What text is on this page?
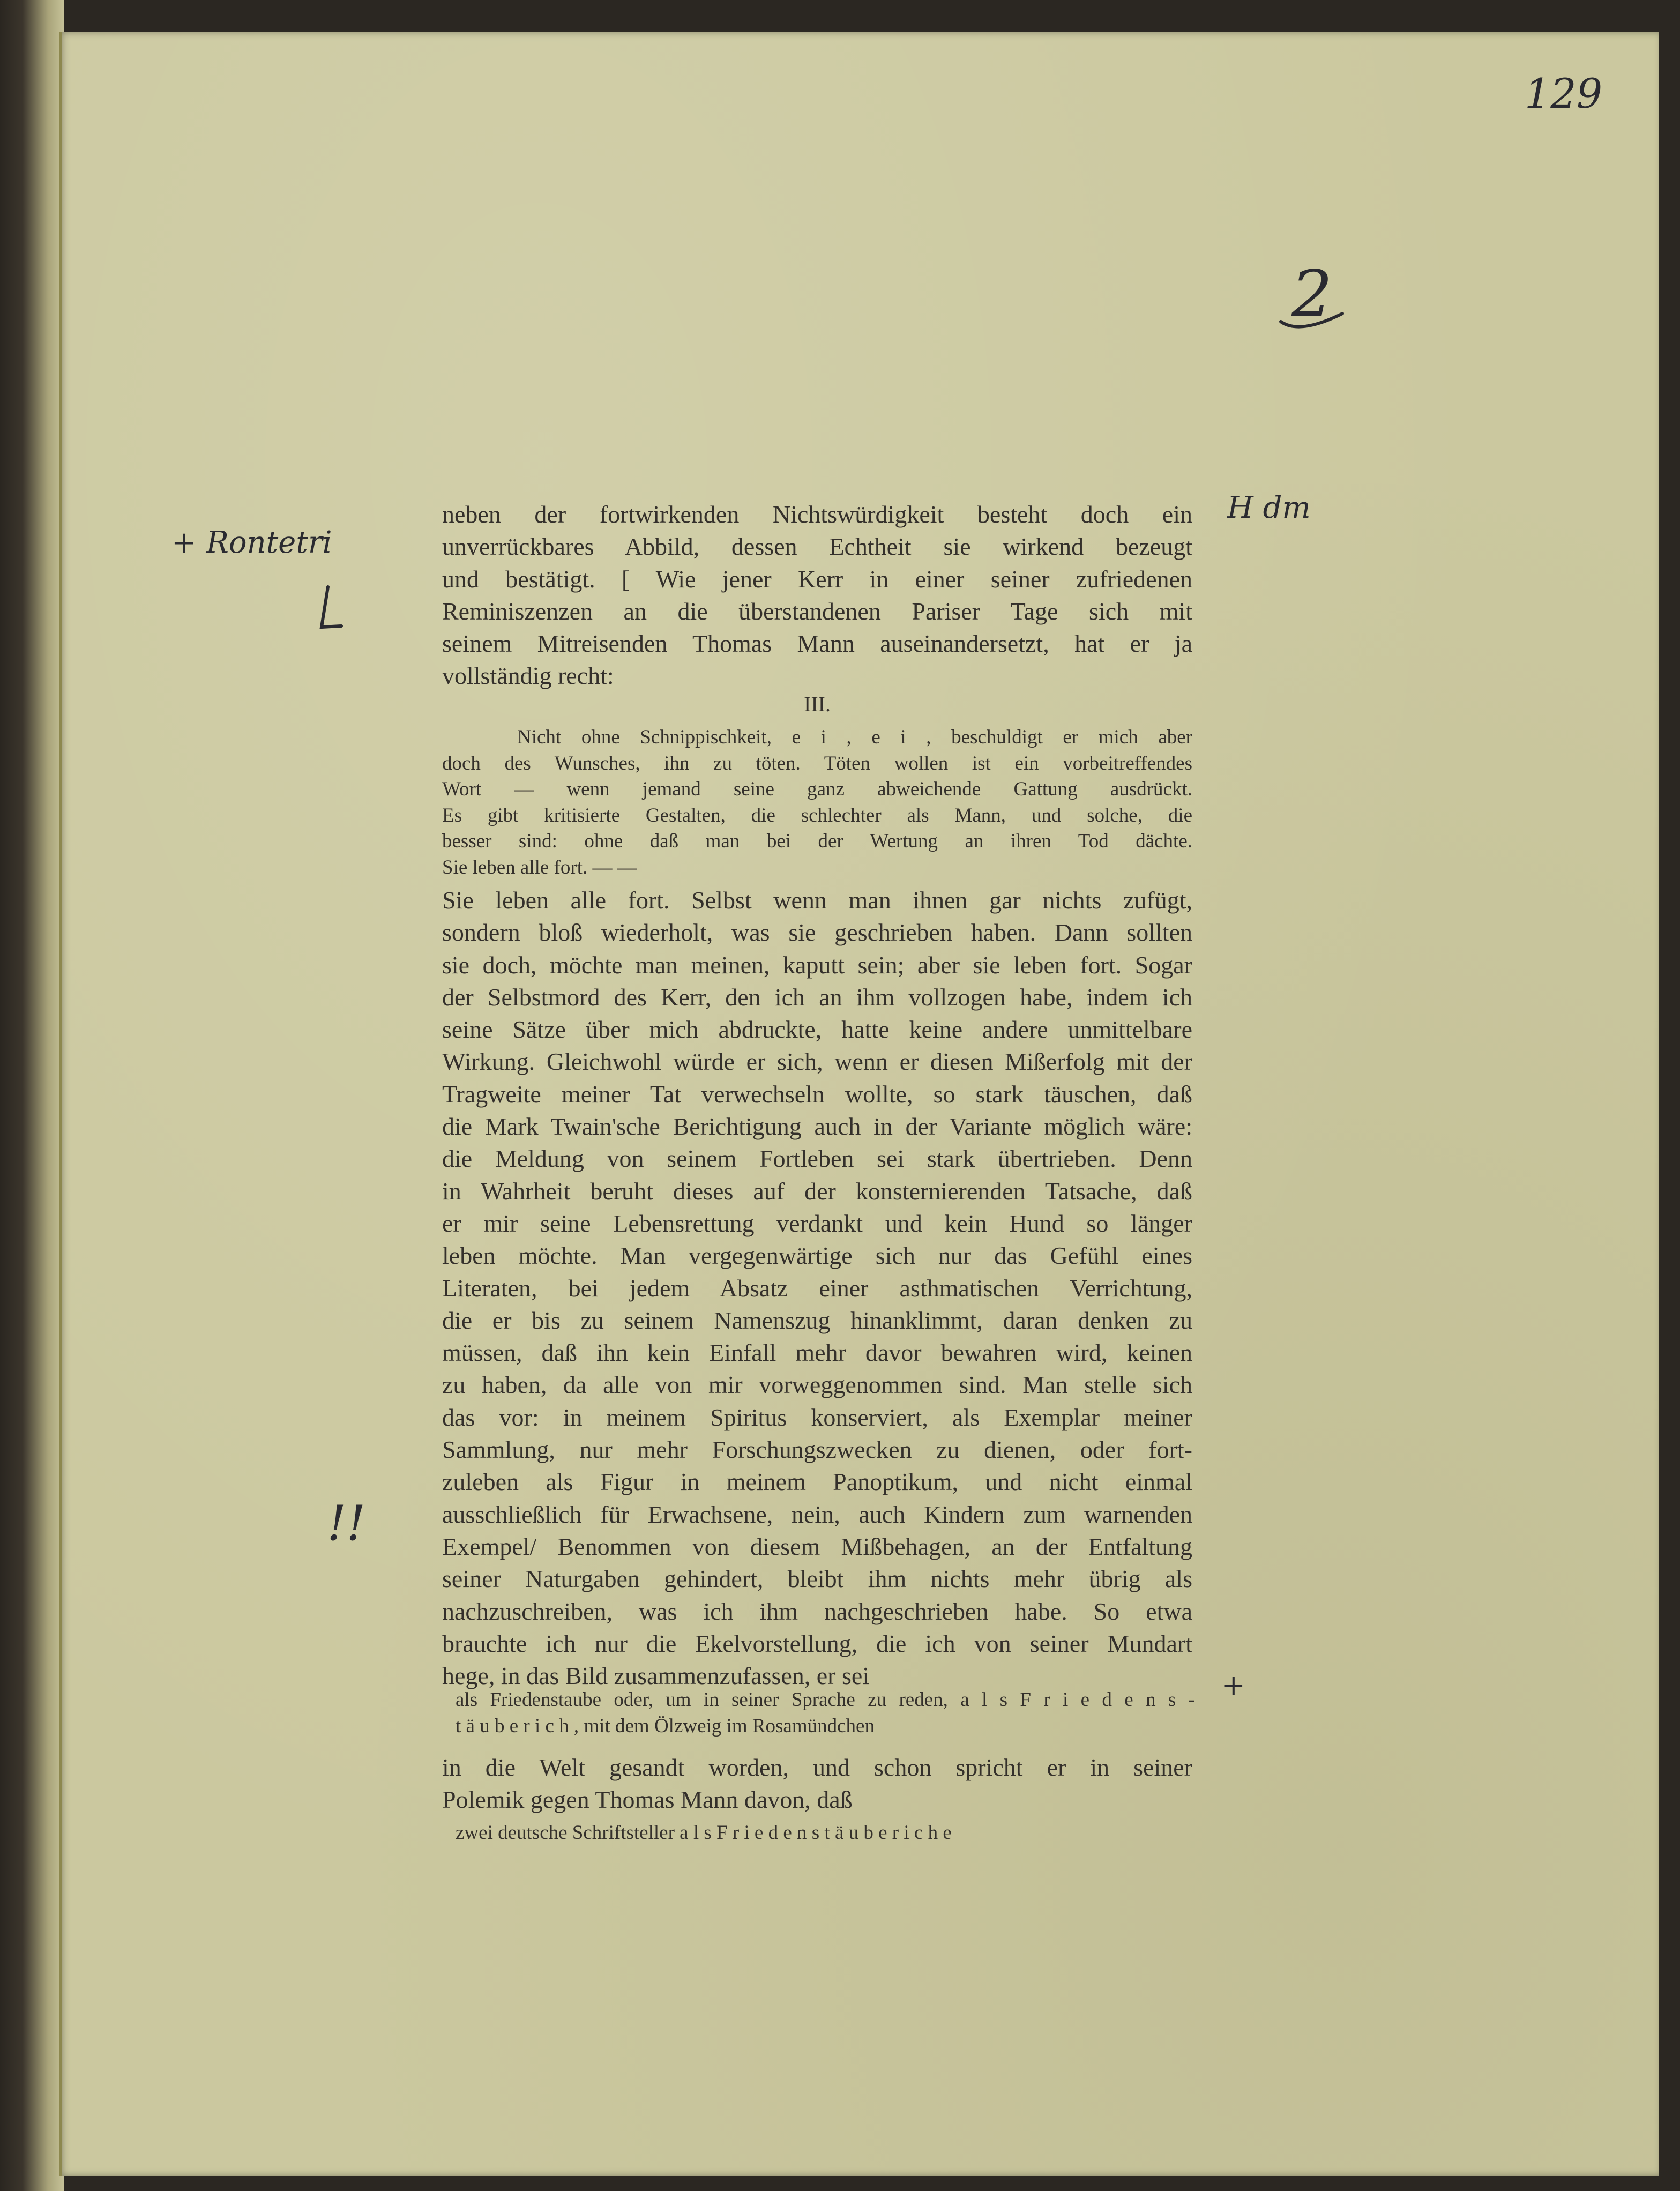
129
2
+ Rontetri
H dm
!!
+
neben der fortwirkenden Nichtswürdigkeit besteht doch ein
unverrückbares Abbild, dessen Echtheit sie wirkend bezeugt
und bestätigt. [ Wie jener Kerr in einer seiner zufriedenen
Reminiszenzen an die überstandenen Pariser Tage sich mit
seinem Mitreisenden Thomas Mann auseinandersetzt, hat er ja
vollständig recht:
III.
Nicht ohne Schnippischkeit, e i , e i , beschuldigt er mich aber
doch des Wunsches, ihn zu töten. Töten wollen ist ein vorbeitreffendes
Wort — wenn jemand seine ganz abweichende Gattung ausdrückt.
Es gibt kritisierte Gestalten, die schlechter als Mann, und solche, die
besser sind: ohne daß man bei der Wertung an ihren Tod dächte.
Sie leben alle fort. — —
Sie leben alle fort. Selbst wenn man ihnen gar nichts zufügt,
sondern bloß wiederholt, was sie geschrieben haben. Dann sollten
sie doch, möchte man meinen, kaputt sein; aber sie leben fort. Sogar
der Selbstmord des Kerr, den ich an ihm vollzogen habe, indem ich
seine Sätze über mich abdruckte, hatte keine andere unmittelbare
Wirkung. Gleichwohl würde er sich, wenn er diesen Mißerfolg mit der
Tragweite meiner Tat verwechseln wollte, so stark täuschen, daß
die Mark Twain'sche Berichtigung auch in der Variante möglich wäre:
die Meldung von seinem Fortleben sei stark übertrieben. Denn
in Wahrheit beruht dieses auf der konsternierenden Tatsache, daß
er mir seine Lebensrettung verdankt und kein Hund so länger
leben möchte. Man vergegenwärtige sich nur das Gefühl eines
Literaten, bei jedem Absatz einer asthmatischen Verrichtung,
die er bis zu seinem Namenszug hinanklimmt, daran denken zu
müssen, daß ihn kein Einfall mehr davor bewahren wird, keinen
zu haben, da alle von mir vorweggenommen sind. Man stelle sich
das vor: in meinem Spiritus konserviert, als Exemplar meiner
Sammlung, nur mehr Forschungszwecken zu dienen, oder fort-
zuleben als Figur in meinem Panoptikum, und nicht einmal
ausschließlich für Erwachsene, nein, auch Kindern zum warnenden
Exempel/ Benommen von diesem Mißbehagen, an der Entfaltung
seiner Naturgaben gehindert, bleibt ihm nichts mehr übrig als
nachzuschreiben, was ich ihm nachgeschrieben habe. So etwa
brauchte ich nur die Ekelvorstellung, die ich von seiner Mundart
hege, in das Bild zusammenzufassen, er sei
als Friedenstaube oder, um in seiner Sprache zu reden, a l s F r i e d e n s -
t ä u b e r i c h , mit dem Ölzweig im Rosamündchen
in die Welt gesandt worden, und schon spricht er in seiner
Polemik gegen Thomas Mann davon, daß
zwei deutsche Schriftsteller a l s F r i e d e n s t ä u b e r i c h e
